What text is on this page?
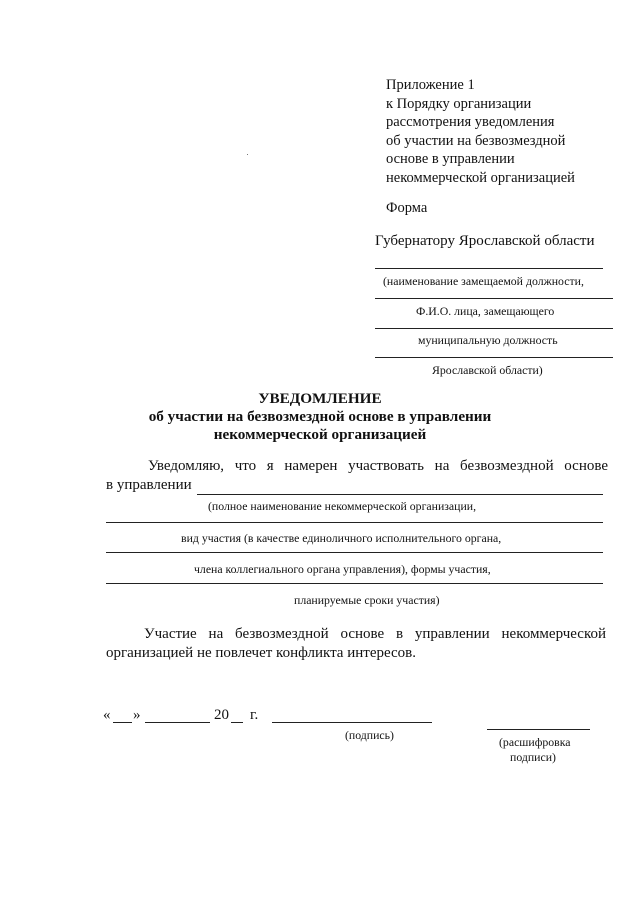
Приложение 1
к Порядку организации
рассмотрения уведомления
об участии на безвозмездной
основе в управлении
некоммерческой организацией
Форма
Губернатору Ярославской области
(наименование замещаемой должности,
Ф.И.О. лица, замещающего
муниципальную должность
Ярославской области)
УВЕДОМЛЕНИЕ
об участии на безвозмездной основе в управлении
некоммерческой организацией
Уведомляю, что я намерен участвовать на безвозмездной основе
в управлении
(полное наименование некоммерческой организации,
вид участия (в качестве единоличного исполнительного органа,
члена коллегиального органа управления), формы участия,
планируемые сроки участия)
Участие на безвозмездной основе в управлении некоммерческой
организацией не повлечет конфликта интересов.
« »	20 г.
(подпись)	(расшифровка
подписи)
